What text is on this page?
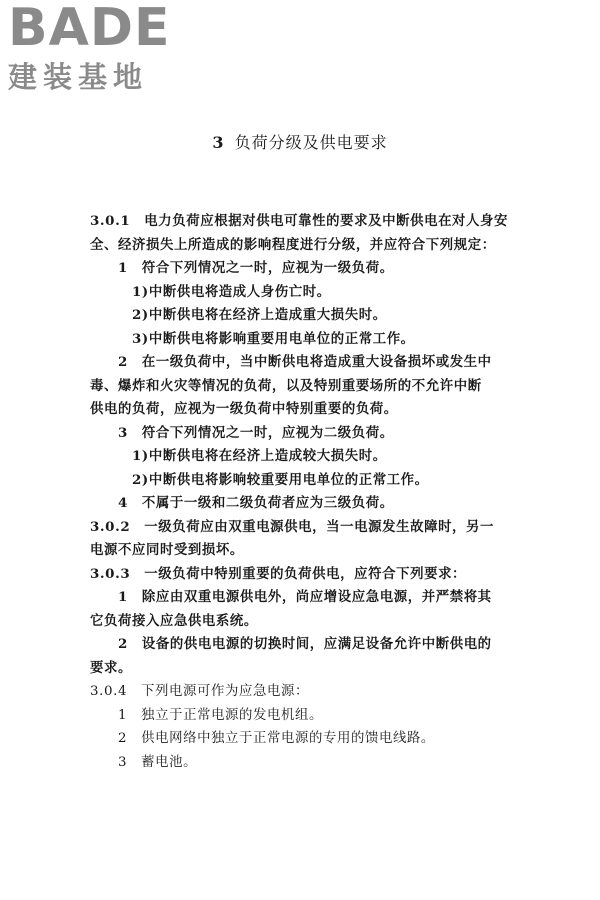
BADE
建装基地
3 负荷分级及供电要求
3.0.1　电力负荷应根据对供电可靠性的要求及中断供电在对人身安
全、经济损失上所造成的影响程度进行分级，并应符合下列规定：
1　符合下列情况之一时，应视为一级负荷。
1)中断供电将造成人身伤亡时。
2)中断供电将在经济上造成重大损失时。
3)中断供电将影响重要用电单位的正常工作。
2　在一级负荷中，当中断供电将造成重大设备损坏或发生中
毒、爆炸和火灾等情况的负荷，以及特别重要场所的不允许中断
供电的负荷，应视为一级负荷中特别重要的负荷。
3　符合下列情况之一时，应视为二级负荷。
1)中断供电将在经济上造成较大损失时。
2)中断供电将影响较重要用电单位的正常工作。
4　不属于一级和二级负荷者应为三级负荷。
3.0.2　一级负荷应由双重电源供电，当一电源发生故障时，另一
电源不应同时受到损坏。
3.0.3　一级负荷中特别重要的负荷供电，应符合下列要求：
1　除应由双重电源供电外，尚应增设应急电源，并严禁将其
它负荷接入应急供电系统。
2　设备的供电电源的切换时间，应满足设备允许中断供电的
要求。
3.0.4　下列电源可作为应急电源：
1　独立于正常电源的发电机组。
2　供电网络中独立于正常电源的专用的馈电线路。
3　蓄电池。
